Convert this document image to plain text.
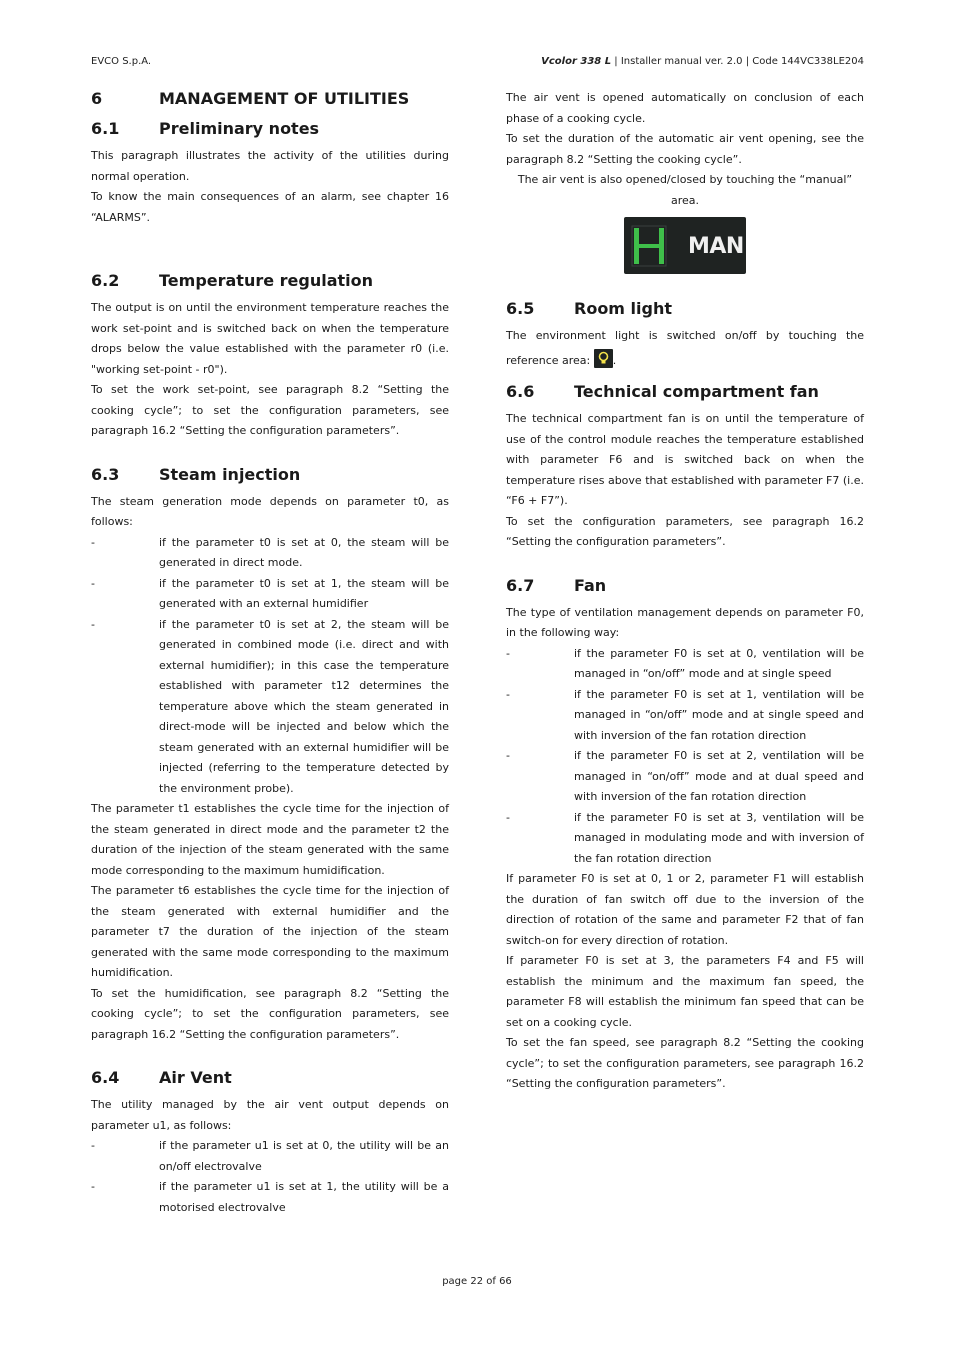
EVCO S.p.A.	Vcolor 338 L | Installer manual ver. 2.0 | Code 144VC338LE204
6	MANAGEMENT OF UTILITIES
6.1	Preliminary notes

This paragraph illustrates the activity of the utilities during normal operation.

To know the main consequences of an alarm, see chapter 16 “ALARMS”.

6.2	Temperature regulation

The output is on until the environment temperature reaches the work set-point and is switched back on when the temperature drops below the value established with the parameter r0 (i.e. "working set-point - r0").

To set the work set-point, see paragraph 8.2 “Setting the cooking cycle”; to set the configuration parameters, see paragraph 16.2 “Setting the configuration parameters”.

6.3	Steam injection

The steam generation mode depends on parameter t0, as follows:

-	if the parameter t0 is set at 0, the steam will be generated in direct mode.
-	if the parameter t0 is set at 1, the steam will be generated with an external humidifier
-	if the parameter t0 is set at 2, the steam will be generated in combined mode (i.e. direct and with external humidifier); in this case the temperature established with parameter t12 determines the temperature above which the steam generated in direct-mode will be injected and below which the steam generated with an external humidifier will be injected (referring to the temperature detected by the environment probe).

The parameter t1 establishes the cycle time for the injection of the steam generated in direct mode and the parameter t2 the duration of the injection of the steam generated with the same mode corresponding to the maximum humidification.

The parameter t6 establishes the cycle time for the injection of the steam generated with external humidifier and the parameter t7 the duration of the injection of the steam generated with the same mode corresponding to the maximum humidification.

To set the humidification, see paragraph 8.2 “Setting the cooking cycle”; to set the configuration parameters, see paragraph 16.2 “Setting the configuration parameters”.

6.4	Air Vent

The utility managed by the air vent output depends on parameter u1, as follows:

-	if the parameter u1 is set at 0, the utility will be an on/off electrovalve
-	if the parameter u1 is set at 1, the utility will be a motorised electrovalve

The air vent is opened automatically on conclusion of each phase of a cooking cycle.

To set the duration of the automatic air vent opening, see the paragraph 8.2 “Setting the cooking cycle”.

The air vent is also opened/closed by touching the “manual” area.

MAN
6.5	Room light

The environment light is switched on/off by touching the

reference area: .

6.6	Technical compartment fan

The technical compartment fan is on until the temperature of use of the control module reaches the temperature established with parameter F6 and is switched back on when the temperature rises above that established with parameter F7 (i.e. “F6 + F7”).

To set the configuration parameters, see paragraph 16.2 “Setting the configuration parameters”.

6.7	Fan

The type of ventilation management depends on parameter F0, in the following way:

-	if the parameter F0 is set at 0, ventilation will be managed in “on/off” mode and at single speed
-	if the parameter F0 is set at 1, ventilation will be managed in “on/off” mode and at single speed and with inversion of the fan rotation direction
-	if the parameter F0 is set at 2, ventilation will be managed in “on/off” mode and at dual speed and with inversion of the fan rotation direction
-	if the parameter F0 is set at 3, ventilation will be managed in modulating mode and with inversion of the fan rotation direction

If parameter F0 is set at 0, 1 or 2, parameter F1 will establish the duration of fan switch off due to the inversion of the direction of rotation of the same and parameter F2 that of fan switch-on for every direction of rotation.

If parameter F0 is set at 3, the parameters F4 and F5 will establish the minimum and the maximum fan speed, the parameter F8 will establish the minimum fan speed that can be set on a cooking cycle.

To set the fan speed, see paragraph 8.2 “Setting the cooking cycle”; to set the configuration parameters, see paragraph 16.2 “Setting the configuration parameters”.

page 22 of 66
